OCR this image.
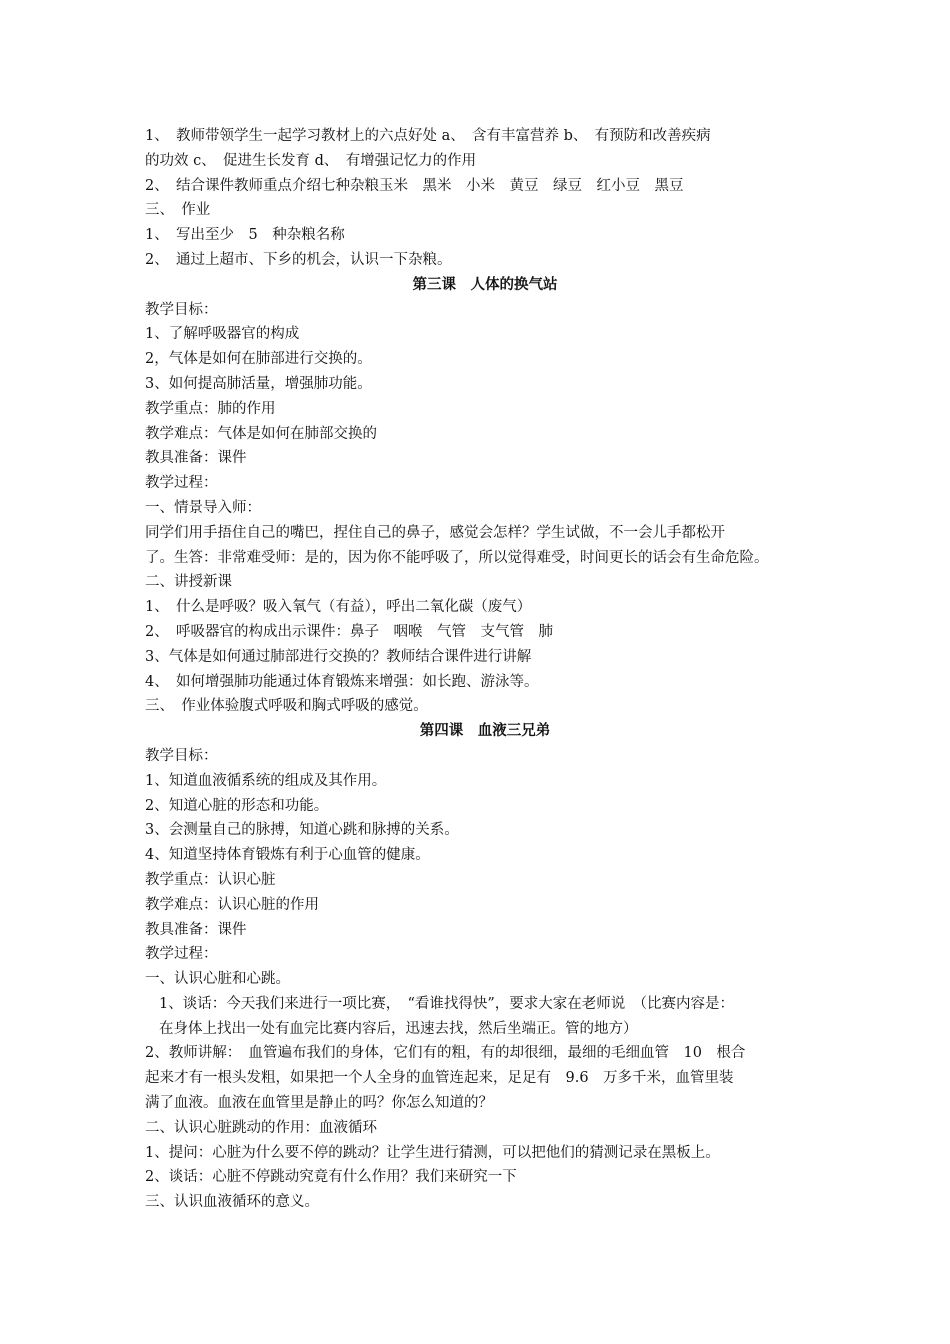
1、　教师带领学生一起学习教材上的六点好处 a、　含有丰富营养 b、　有预防和改善疾病
的功效 c、　促进生长发育 d、　有增强记忆力的作用
2、　结合课件教师重点介绍七种杂粮玉米　黑米　小米　黄豆　绿豆　红小豆　黑豆
三、　作业
1、　写出至少　5　种杂粮名称
2、　通过上超市、下乡的机会，认识一下杂粮。
第三课　人体的换气站
教学目标：
1、了解呼吸器官的构成
2，气体是如何在肺部进行交换的。
3、如何提高肺活量，增强肺功能。
教学重点：肺的作用
教学难点：气体是如何在肺部交换的
教具准备：课件
教学过程：
一、情景导入师：
同学们用手捂住自己的嘴巴，捏住自己的鼻子，感觉会怎样？学生试做，不一会儿手都松开
了。生答：非常难受师：是的，因为你不能呼吸了，所以觉得难受，时间更长的话会有生命危险。
二、讲授新课
1、　什么是呼吸？吸入氧气（有益），呼出二氧化碳（废气）
2、　呼吸器官的构成出示课件：鼻子　咽喉　气管　支气管　肺
3、气体是如何通过肺部进行交换的？教师结合课件进行讲解
4、　如何增强肺功能通过体育锻炼来增强：如长跑、游泳等。
三、　作业体验腹式呼吸和胸式呼吸的感觉。
第四课　血液三兄弟
教学目标：
1、知道血液循系统的组成及其作用。
2、知道心脏的形态和功能。
3、会测量自己的脉搏，知道心跳和脉搏的关系。
4、知道坚持体育锻炼有利于心血管的健康。
教学重点：认识心脏
教学难点：认识心脏的作用
教具准备：课件
教学过程：
一、认识心脏和心跳。
1、谈话：今天我们来进行一项比赛，　“看谁找得快”，要求大家在老师说　（比赛内容是：
在身体上找出一处有血完比赛内容后，迅速去找，然后坐端正。管的地方）
2、教师讲解：　血管遍布我们的身体，它们有的粗，有的却很细，最细的毛细血管　10　根合
起来才有一根头发粗，如果把一个人全身的血管连起来，足足有　9.6　万多千米，血管里装
满了血液。血液在血管里是静止的吗？你怎么知道的？
二、认识心脏跳动的作用：血液循环
1、提问：心脏为什么要不停的跳动？让学生进行猜测，可以把他们的猜测记录在黑板上。
2、谈话：心脏不停跳动究竟有什么作用？我们来研究一下
三、认识血液循环的意义。
